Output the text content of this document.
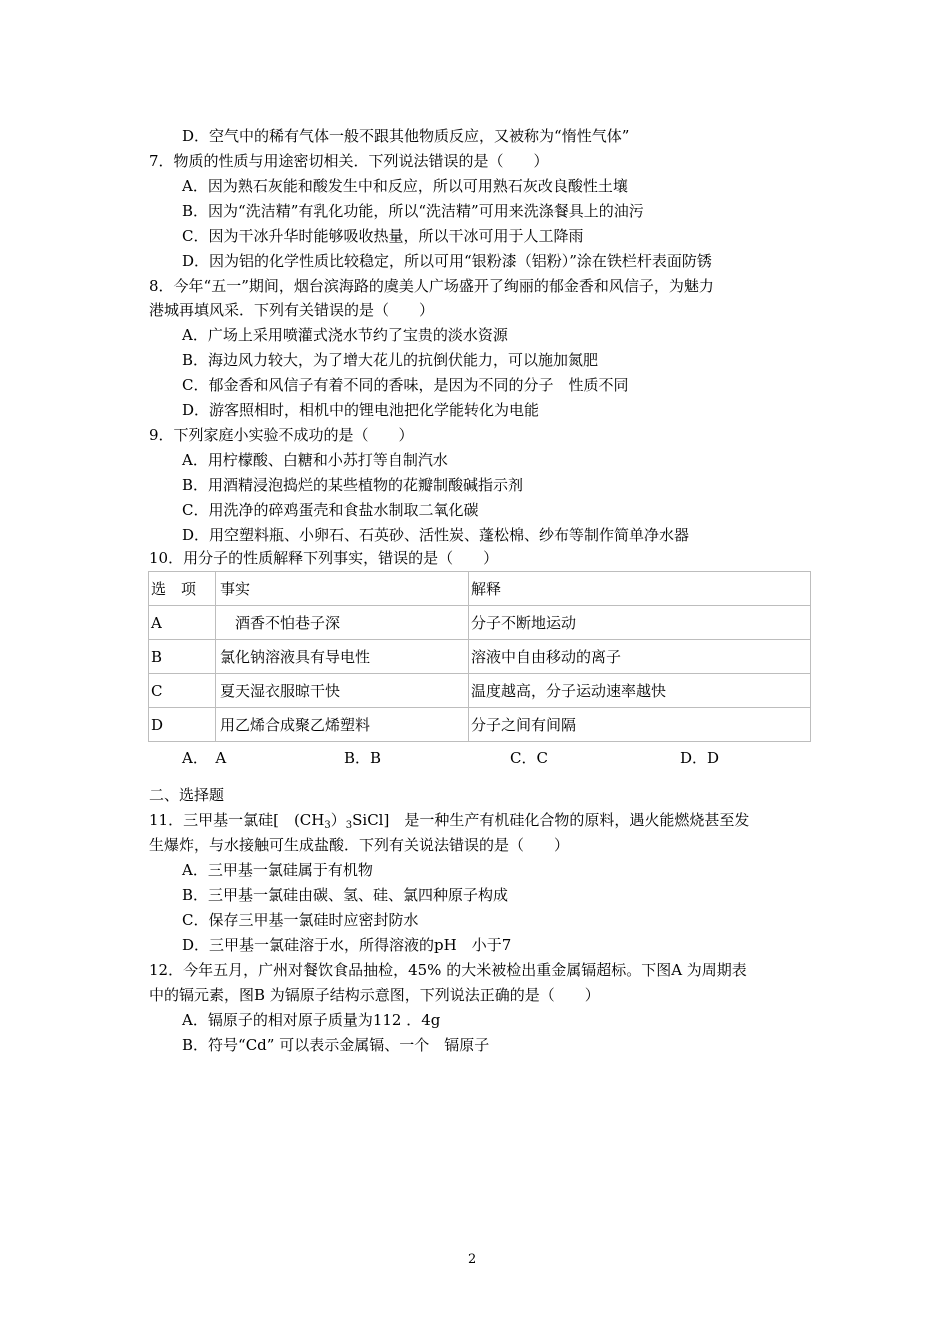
D．空气中的稀有气体一般不跟其他物质反应，又被称为“惰性气体”
7．物质的性质与用途密切相关．下列说法错误的是（　　）
A．因为熟石灰能和酸发生中和反应，所以可用熟石灰改良酸性土壤
B．因为“洗洁精”有乳化功能，所以“洗洁精”可用来洗涤餐具上的油污
C．因为干冰升华时能够吸收热量，所以干冰可用于人工降雨
D．因为铝的化学性质比较稳定，所以可用“银粉漆（铝粉）”涂在铁栏杆表面防锈
8．今年“五一”期间，烟台滨海路的虞美人广场盛开了绚丽的郁金香和风信子，为魅力
港城再填风采．下列有关错误的是（　　）
A．广场上采用喷灌式浇水节约了宝贵的淡水资源
B．海边风力较大，为了增大花儿的抗倒伏能力，可以施加氮肥
C．郁金香和风信子有着不同的香味，是因为不同的分子　性质不同
D．游客照相时，相机中的锂电池把化学能转化为电能
9．下列家庭小实验不成功的是（　　）
A．用柠檬酸、白糖和小苏打等自制汽水
B．用酒精浸泡捣烂的某些植物的花瓣制酸碱指示剂
C．用洗净的碎鸡蛋壳和食盐水制取二氧化碳
D．用空塑料瓶、小卵石、石英砂、活性炭、蓬松棉、纱布等制作简单净水器
10．用分子的性质解释下列事实，错误的是（　　）
选　项	事实	解释
A	　酒香不怕巷子深	分子不断地运动
B	氯化钠溶液具有导电性	溶液中自由移动的离子
C	夏天湿衣服晾干快	温度越高，分子运动速率越快
D	用乙烯合成聚乙烯塑料	分子之间有间隔
A．　A	B．B	C．C	D．D
二、选择题
11．三甲基一氯硅[　$(CH_3)_3SiCl$]　是一种生产有机硅化合物的原料，遇火能燃烧甚至发
生爆炸，与水接触可生成盐酸．下列有关说法错误的是（　　）
A．三甲基一氯硅属于有机物
B．三甲基一氯硅由碳、氢、硅、氯四种原子构成
C．保存三甲基一氯硅时应密封防水
D．三甲基一氯硅溶于水，所得溶液的pH　小于7
12．今年五月，广州对餐饮食品抽检，45% 的大米被检出重金属镉超标。下图A 为周期表
中的镉元素，图B 为镉原子结构示意图，下列说法正确的是（　　）
A．镉原子的相对原子质量为112 ．4g
B．符号“Cd” 可以表示金属镉、一个　镉原子
2
